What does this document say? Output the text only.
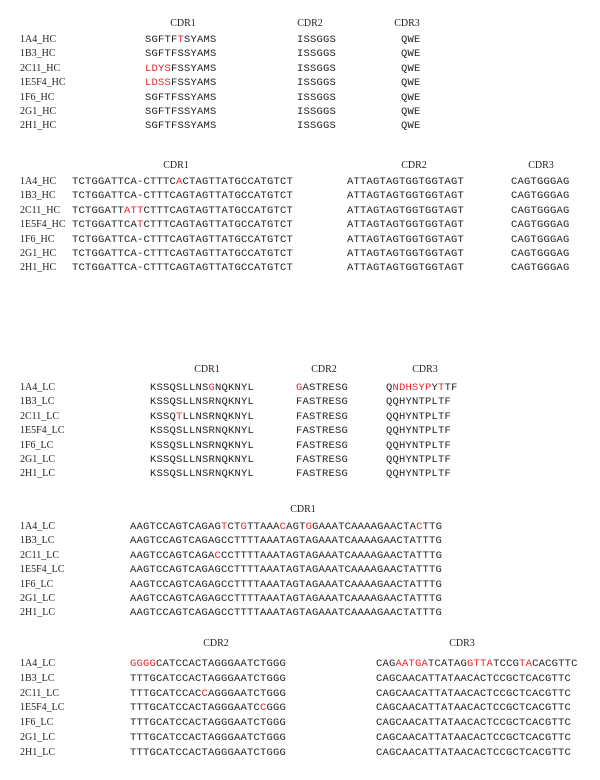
CDR1	CDR2	CDR3
1A4_HC	SGFTFTSYAMS	ISSGGS	QWE
1B3_HC	SGFTFSSYAMS	ISSGGS	QWE
2C11_HC	LDYSFSSYAMS	ISSGGS	QWE
1E5F4_HC	LDSSFSSYAMS	ISSGGS	QWE
1F6_HC	SGFTFSSYAMS	ISSGGS	QWE
2G1_HC	SGFTFSSYAMS	ISSGGS	QWE
2H1_HC	SGFTFSSYAMS	ISSGGS	QWE
CDR1	CDR2	CDR3
1A4_HC TCTGGATTCA-CTTTCACTAGTTATGCCATGTCT	ATTAGTAGTGGTGGTAGT	CAGTGGGAG
1B3_HC TCTGGATTCA-CTTTCAGTAGTTATGCCATGTCT	ATTAGTAGTGGTGGTAGT	CAGTGGGAG
2C11_HC TCTGGATTATTCTTTCAGTAGTTATGCCATGTCT	ATTAGTAGTGGTGGTAGT	CAGTGGGAG
1E5F4_HC TCTGGATTCATCTTTCAGTAGTTATGCCATGTCT	ATTAGTAGTGGTGGTAGT	CAGTGGGAG
1F6_HC TCTGGATTCA-CTTTCAGTAGTTATGCCATGTCT	ATTAGTAGTGGTGGTAGT	CAGTGGGAG
2G1_HC TCTGGATTCA-CTTTCAGTAGTTATGCCATGTCT	ATTAGTAGTGGTGGTAGT	CAGTGGGAG
2H1_HC TCTGGATTCA-CTTTCAGTAGTTATGCCATGTCT	ATTAGTAGTGGTGGTAGT	CAGTGGGAG
CDR1	CDR2	CDR3
1A4_LC	KSSQSLLNSGNQKNYL	GASTRESG	QNDHSYPYTTF
1B3_LC	KSSQSLLNSRNQKNYL	FASTRESG	QQHYNTPLTF
2C11_LC	KSSQTLLNSRNQKNYL	FASTRESG	QQHYNTPLTF
1E5F4_LC	KSSQSLLNSRNQKNYL	FASTRESG	QQHYNTPLTF
1F6_LC	KSSQSLLNSRNQKNYL	FASTRESG	QQHYNTPLTF
2G1_LC	KSSQSLLNSRNQKNYL	FASTRESG	QQHYNTPLTF
2H1_LC	KSSQSLLNSRNQKNYL	FASTRESG	QQHYNTPLTF
CDR1
1A4_LC	AAGTCCAGTCAGAGTCTGTTAAACAGTGGAAATCAAAAGAACTACTTG
1B3_LC	AAGTCCAGTCAGAGCCTTTTAAATAGTAGAAATCAAAAGAACTATTTG
2C11_LC	AAGTCCAGTCAGACCCTTTTAAATAGTAGAAATCAAAAGAACTATTTG
1E5F4_LC	AAGTCCAGTCAGAGCCTTTTAAATAGTAGAAATCAAAAGAACTATTTG
1F6_LC	AAGTCCAGTCAGAGCCTTTTAAATAGTAGAAATCAAAAGAACTATTTG
2G1_LC	AAGTCCAGTCAGAGCCTTTTAAATAGTAGAAATCAAAAGAACTATTTG
2H1_LC	AAGTCCAGTCAGAGCCTTTTAAATAGTAGAAATCAAAAGAACTATTTG
CDR2	CDR3
1A4_LC	GGGGCATCCACTAGGGAATCTGGG	CAGAATGATCATAGGTTATCCGTACACGTTC
1B3_LC	TTTGCATCCACTAGGGAATCTGGG	CAGCAACATTATAACACTCCGCTCACGTTC
2C11_LC	TTTGCATCCACCAGGGAATCTGGG	CAGCAACATTATAACACTCCGCTCACGTTC
1E5F4_LC	TTTGCATCCACTAGGGAATCCGGG	CAGCAACATTATAACACTCCGCTCACGTTC
1F6_LC	TTTGCATCCACTAGGGAATCTGGG	CAGCAACATTATAACACTCCGCTCACGTTC
2G1_LC	TTTGCATCCACTAGGGAATCTGGG	CAGCAACATTATAACACTCCGCTCACGTTC
2H1_LC	TTTGCATCCACTAGGGAATCTGGG	CAGCAACATTATAACACTCCGCTCACGTTC
